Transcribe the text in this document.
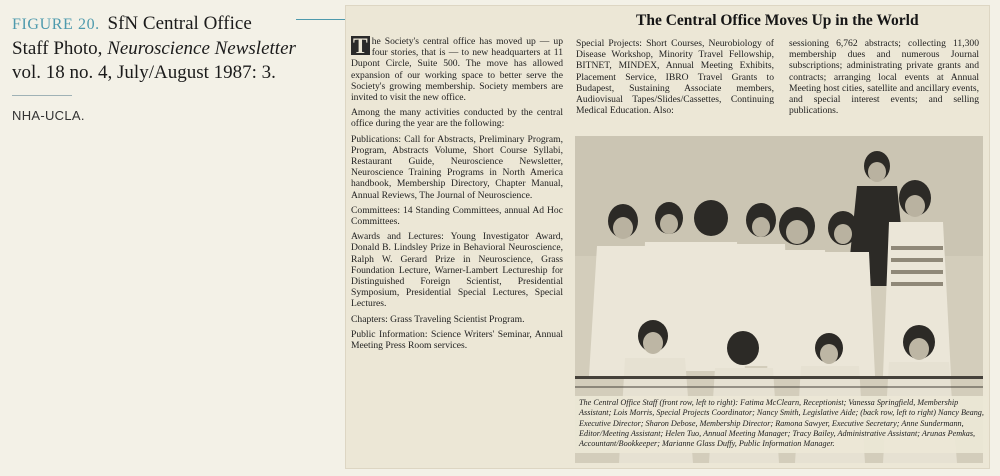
FIGURE 20. SfN Central Office
Staff Photo, Neuroscience Newsletter
vol. 18 no. 4, July/August 1987: 3.
NHA-UCLA.
The Central Office Moves Up in the World

T he Society's central office has moved up — up four stories, that is — to new headquarters at 11 Dupont Circle, Suite 500. The move has allowed expansion of our working space to better serve the Society's growing membership. Society members are invited to visit the new office.

Among the many activities conducted by the central office during the year are the following:

Publications: Call for Abstracts, Preliminary Program, Program, Abstracts Volume, Short Course Syllabi, Restaurant Guide, Neuroscience Newsletter, Neuroscience Training Programs in North America handbook, Membership Directory, Chapter Manual, Annual Reviews, The Journal of Neuroscience.

Committees: 14 Standing Committees, annual Ad Hoc Committees.

Awards and Lectures: Young Investigator Award, Donald B. Lindsley Prize in Behavioral Neuroscience, Ralph W. Gerard Prize in Neuroscience, Grass Foundation Lecture, Warner-Lambert Lectureship for Distinguished Foreign Scientist, Presidential Symposium, Presidential Special Lectures, Special Lectures.

Chapters: Grass Traveling Scientist Program.

Public Information: Science Writers' Seminar, Annual Meeting Press Room services.

Special Projects: Short Courses, Neurobiology of Disease Workshop, Minority Travel Fellowship, BITNET, MINDEX, Annual Meeting Exhibits, Placement Service, IBRO Travel Grants to Budapest, Sustaining Associate members, Audiovisual Tapes/Slides/Cassettes, Continuing Medical Education. Also:

sessioning 6,762 abstracts; collecting 11,300 membership dues and numerous Journal subscriptions; administrating private grants and contracts; arranging local events at Annual Meeting host cities, satellite and ancillary events, and special interest events; and selling publications.

The Central Office Staff (front row, left to right): Fatima McClearn, Receptionist; Vanessa Springfield, Membership Assistant; Lois Morris, Special Projects Coordinator; Nancy Smith, Legislative Aide; (back row, left to right) Nancy Beang, Executive Director; Sharon Debose, Membership Director; Ramona Sawyer, Executive Secretary; Anne Sundermann, Editor/Meeting Assistant; Helen Tuo, Annual Meeting Manager; Tracy Bailey, Administrative Assistant; Arunas Pemkas, Accountant/Bookkeeper; Marianne Glass Duffy, Public Information Manager.
